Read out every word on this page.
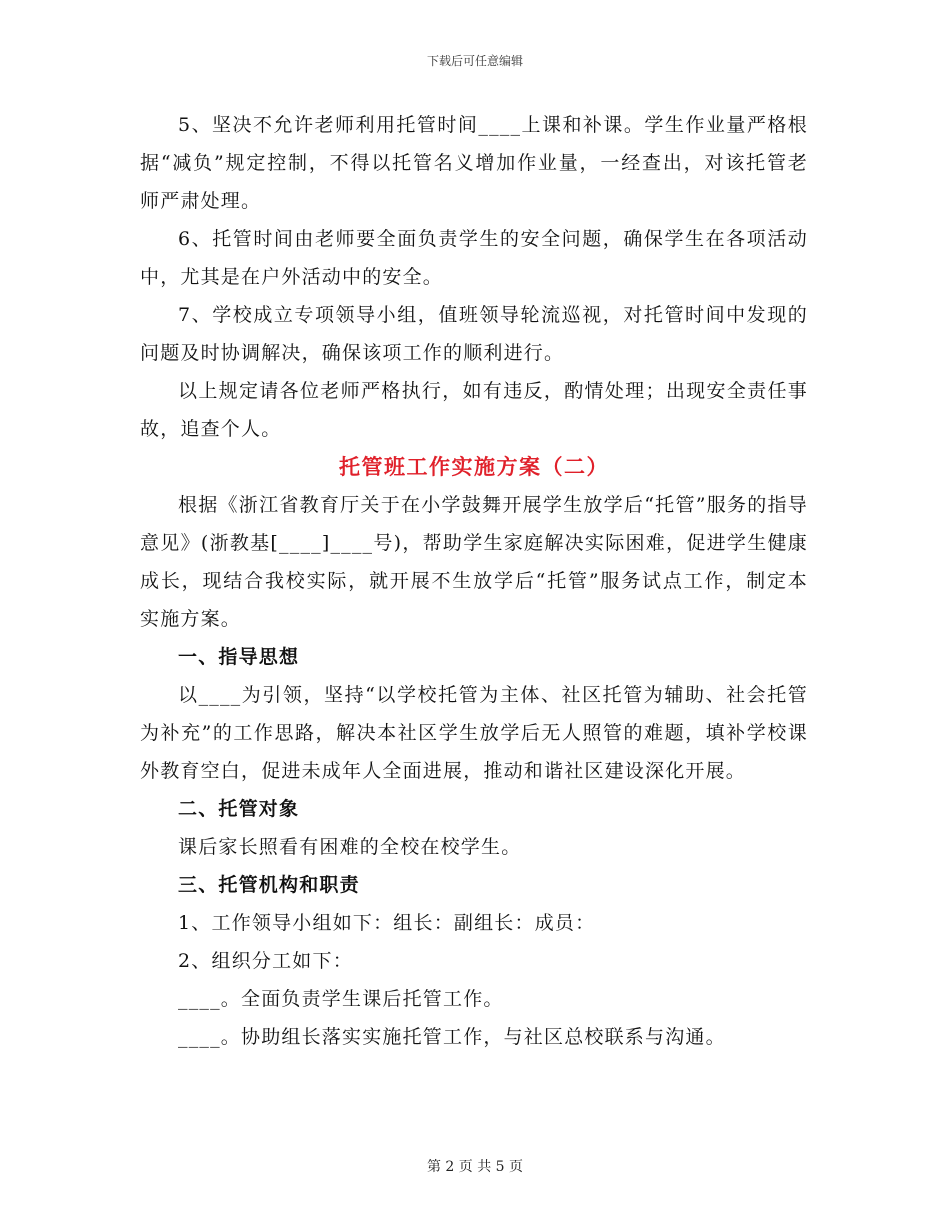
下载后可任意编辑

5、坚决不允许老师利用托管时间____上课和补课。学生作业量严格根据“减负”规定控制，不得以托管名义增加作业量，一经查出，对该托管老师严肃处理。

6、托管时间由老师要全面负责学生的安全问题，确保学生在各项活动中，尤其是在户外活动中的安全。

7、学校成立专项领导小组，值班领导轮流巡视，对托管时间中发现的问题及时协调解决，确保该项工作的顺利进行。

以上规定请各位老师严格执行，如有违反，酌情处理；出现安全责任事故，追查个人。

托管班工作实施方案（二）

根据《浙江省教育厅关于在小学鼓舞开展学生放学后“托管”服务的指导意见》(浙教基[____]____号)，帮助学生家庭解决实际困难，促进学生健康成长，现结合我校实际，就开展不生放学后“托管”服务试点工作，制定本实施方案。

一、指导思想

以____为引领，坚持“以学校托管为主体、社区托管为辅助、社会托管为补充”的工作思路，解决本社区学生放学后无人照管的难题，填补学校课外教育空白，促进未成年人全面进展，推动和谐社区建设深化开展。

二、托管对象

课后家长照看有困难的全校在校学生。

三、托管机构和职责

1、工作领导小组如下：组长：副组长：成员：

2、组织分工如下：

____。全面负责学生课后托管工作。

____。协助组长落实实施托管工作，与社区总校联系与沟通。

第 2 页 共 5 页
